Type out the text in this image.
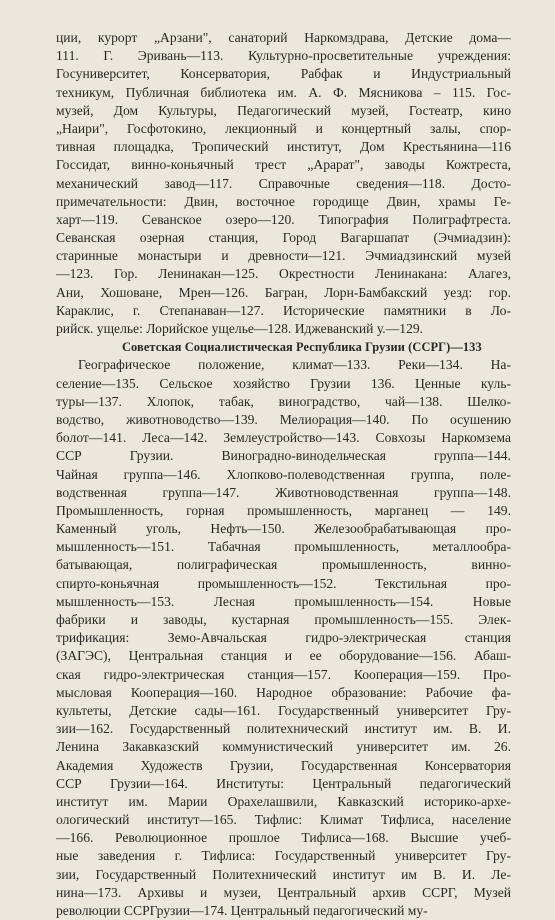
ции, курорт „Арзани", санаторий Наркомздрава, Детские дома—
111. Г. Эривань—113. Культурно-просветительные учреждения:
Госуниверситет, Консерватория, Рабфак и Индустриальный
техникум, Публичная библиотека им. А. Ф. Мясникова – 115. Гос-
музей, Дом Культуры, Педагогический музей, Гостеатр, кино
„Наири", Госфотокино, лекционный и концертный залы, спор-
тивная площадка, Тропический институт, Дом Крестьянина—116
Госсидат, винно-коньячный трест „Арарат", заводы Кожтреста,
механический завод—117. Справочные сведения—118. Досто-
примечательности: Двин, восточное городище Двин, храмы Ге-
харт—119. Севанское озеро—120. Типография Полиграфтреста.
Севанская озерная станция, Город Вагаршапат (Эчмиадзин):
старинные монастыри и древности—121. Эчмиадзинский музей
—123. Гор. Ленинакан—125. Окрестности Ленинакана: Алагез,
Ани, Хошоване, Мрен—126. Багран, Лорн-Бамбакский уезд: гор.
Караклис, г. Степанаван—127. Исторические памятники в Ло-
рийск. ущелье: Лорийское ущелье—128. Иджеванский у.—129.
Советская Социалистическая Республика Грузии (ССРГ)—133
Географическое положение, климат—133. Реки—134. На-
селение—135. Сельское хозяйство Грузии 136. Ценные куль-
туры—137. Хлопок, табак, виноградство, чай—138. Шелко-
водство, животноводство—139. Мелиорация—140. По осушению
болот—141. Леса—142. Землеустройство—143. Совхозы Наркомзема
ССР Грузии. Виноградно-винодельческая группа—144.
Чайная группа—146. Хлопково-полеводственная группа, поле-
водственная группа—147. Животноводственная группа—148.
Промышленность, горная промышленность, марганец — 149.
Каменный уголь, Нефть—150. Железообрабатывающая про-
мышленность—151. Табачная промышленность, металлообра-
батывающая, полиграфическая промышленность, винно-
спирто-коньячная промышленность—152. Текстильная про-
мышленность—153. Лесная промышленность—154. Новые
фабрики и заводы, кустарная промышленность—155. Элек-
трификация: Земо-Авчальская гидро-электрическая станция
(ЗАГЭС), Центральная станция и ее оборудование—156. Абаш-
ская гидро-электрическая станция—157. Кооперация—159. Про-
мысловая Кооперация—160. Народное образование: Рабочие фа-
культеты, Детские сады—161. Государственный университет Гру-
зии—162. Государственный политехнический институт им. В. И.
Ленина Закавказский коммунистический университет им. 26.
Академия Художеств Грузии, Государственная Консерватория
ССР Грузии—164. Институты: Центральный педагогический
институт им. Марии Орахелашвили, Кавказский историко-архе-
ологический институт—165. Тифлис: Климат Тифлиса, население
—166. Революционное прошлое Тифлиса—168. Высшие учеб-
ные заведения г. Тифлиса: Государственный университет Гру-
зии, Государственный Политехнический институт им В. И. Ле-
нина—173. Архивы и музеи, Центральный архив ССРГ, Музей
революции ССРГрузии—174. Центральный педагогический му-
